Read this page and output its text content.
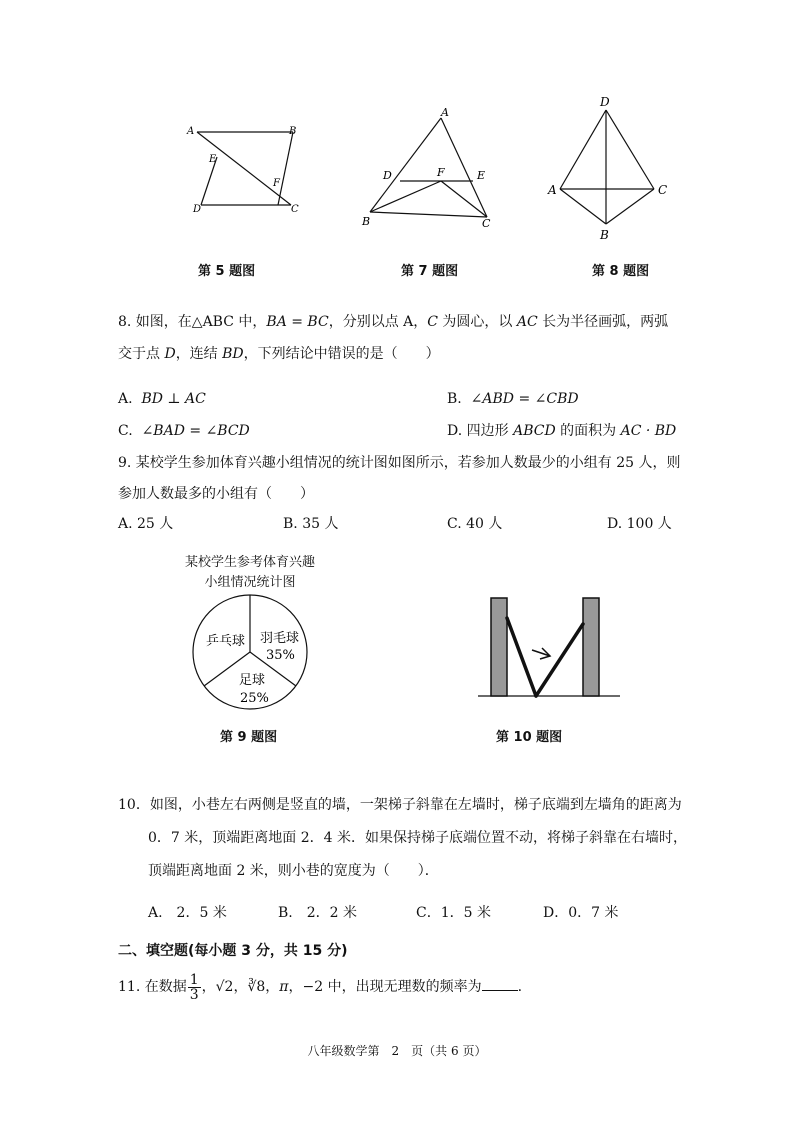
A	B
E
F
D	C
第 5 题图
A
D	F	E
B	C
第 7 题图
D
A	C
B
第 8 题图
8. 如图，在△ABC 中，BA = BC，分别以点 A，C 为圆心，以 AC 长为半径画弧，两弧
交于点 D，连结 BD，下列结论中错误的是（　　）
A. BD ⊥ AC	B. ∠ABD = ∠CBD
C. ∠BAD = ∠BCD	D. 四边形 ABCD 的面积为 AC · BD
9. 某校学生参加体育兴趣小组情况的统计图如图所示，若参加人数最少的小组有 25 人，则
参加人数最多的小组有（　　）
A. 25 人	B. 35 人	C. 40 人	D. 100 人
某校学生参考体育兴趣
小组情况统计图
乒乓球 羽毛球
35%
足球
25%
第 9 题图	第 10 题图
10．如图，小巷左右两侧是竖直的墙，一架梯子斜靠在左墙时，梯子底端到左墙角的距离为
0．7 米，顶端距离地面 2．4 米．如果保持梯子底端位置不动，将梯子斜靠在右墙时，
顶端距离地面 2 米，则小巷的宽度为（　　）．
A.　2．5 米	B.　2．2 米	C．1．5 米	D．0．7 米
二、填空题(每小题 3 分，共 15 分)
11. 在数据 $\frac{1}{3}$ ，√2，∛8，π，−2 中，出现无理数的频率为	.
八年级数学第　2　页（共 6 页）
